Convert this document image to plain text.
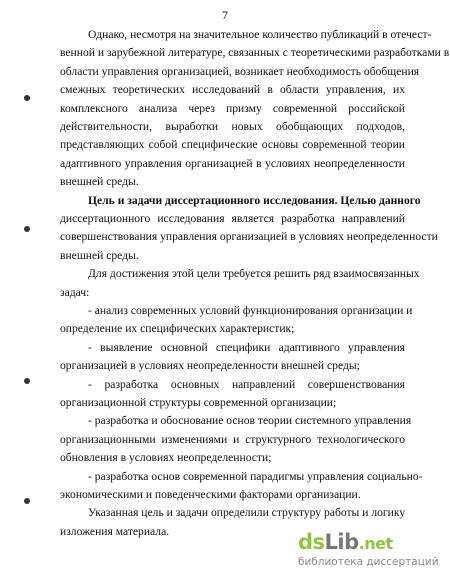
7
Однако, несмотря на значительное количество публикаций в отечест-
венной и зарубежной литературе, связанных с теоретическими разработками в
области управления организацией, возникает необходимость обобщения
смежных теоретических исследований в области управления, их
комплексного анализа через призму современной российской
действительности, выработки новых обобщающих подходов,
представляющих собой специфические основы современной теории
адаптивного управления организацией в условиях неопределенности
внешней среды.
Цель и задачи диссертационного исследования. Целью данного
диссертационного исследования является разработка направлений
совершенствования управления организацией в условиях неопределенности
внешней среды.
Для достижения этой цели требуется решить ряд взаимосвязанных
задач:
- анализ современных условий функционирования организации и
определение их специфических характеристик;
- выявление основной специфики адаптивного управления
организацией в условиях неопределенности внешней среды;
- разработка основных направлений совершенствования
организационной структуры современной организации;
- разработка и обоснование основ теории системного управления
организационными изменениями и структурного технологического
обновления в условиях неопределенности;
- разработка основ современной парадигмы управления социально-
экономическими и поведенческими факторами организации.
Указанная цель и задачи определили структуру работы и логику
изложения материала.	dsLib.net
библиотека диссертаций
